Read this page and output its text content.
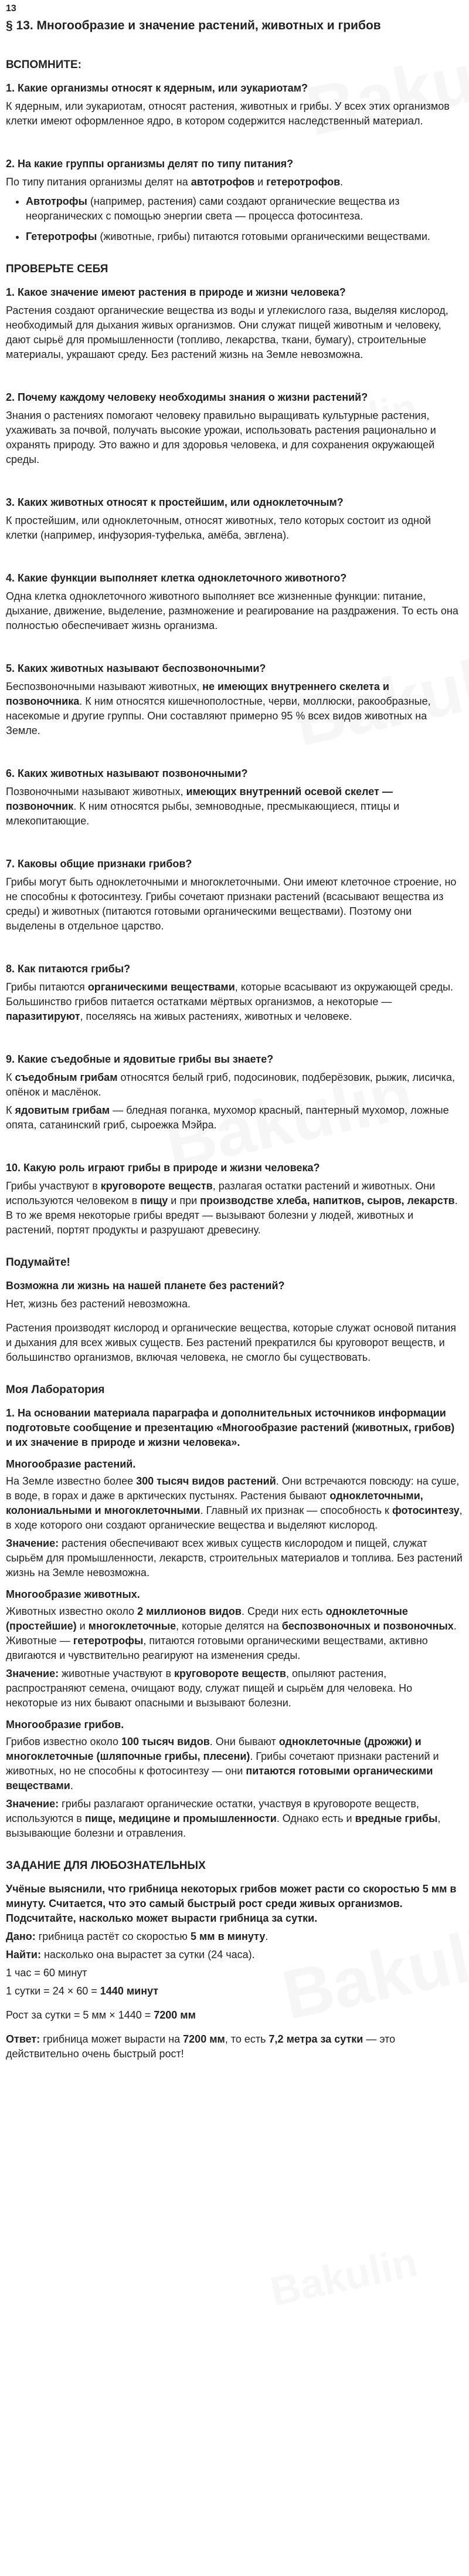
13
§ 13. Многообразие и значение растений, животных и грибов
ВСПОМНИТЕ:
1. Какие организмы относят к ядерным, или эукариотам?
К ядерным, или эукариотам, относят растения, животных и грибы. У всех этих организмов клетки имеют оформленное ядро, в котором содержится наследственный материал.
2. На какие группы организмы делят по типу питания?
По типу питания организмы делят на автотрофов и гетеротрофов.
• Автотрофы (например, растения) сами создают органические вещества из неорганических с помощью энергии света — процесса фотосинтеза.
• Гетеротрофы (животные, грибы) питаются готовыми органическими веществами.
ПРОВЕРЬТЕ СЕБЯ
1. Какое значение имеют растения в природе и жизни человека?
Растения создают органические вещества из воды и углекислого газа, выделяя кислород, необходимый для дыхания живых организмов. Они служат пищей животным и человеку, дают сырьё для промышленности (топливо, лекарства, ткани, бумагу), строительные материалы, украшают среду. Без растений жизнь на Земле невозможна.
2. Почему каждому человеку необходимы знания о жизни растений?
Знания о растениях помогают человеку правильно выращивать культурные растения, ухаживать за почвой, получать высокие урожаи, использовать растения рационально и охранять природу. Это важно и для здоровья человека, и для сохранения окружающей среды.
3. Каких животных относят к простейшим, или одноклеточным?
К простейшим, или одноклеточным, относят животных, тело которых состоит из одной клетки (например, инфузория-туфелька, амёба, эвглена).
4. Какие функции выполняет клетка одноклеточного животного?
Одна клетка одноклеточного животного выполняет все жизненные функции: питание, дыхание, движение, выделение, размножение и реагирование на раздражения. То есть она полностью обеспечивает жизнь организма.
5. Каких животных называют беспозвоночными?
Беспозвоночными называют животных, не имеющих внутреннего скелета и позвоночника. К ним относятся кишечнополостные, черви, моллюски, ракообразные, насекомые и другие группы. Они составляют примерно 95 % всех видов животных на Земле.
6. Каких животных называют позвоночными?
Позвоночными называют животных, имеющих внутренний осевой скелет — позвоночник. К ним относятся рыбы, земноводные, пресмыкающиеся, птицы и млекопитающие.
7. Каковы общие признаки грибов?
Грибы могут быть одноклеточными и многоклеточными. Они имеют клеточное строение, но не способны к фотосинтезу. Грибы сочетают признаки растений (всасывают вещества из среды) и животных (питаются готовыми органическими веществами). Поэтому они выделены в отдельное царство.
8. Как питаются грибы?
Грибы питаются органическими веществами, которые всасывают из окружающей среды. Большинство грибов питается остатками мёртвых организмов, а некоторые — паразитируют, поселяясь на живых растениях, животных и человеке.
9. Какие съедобные и ядовитые грибы вы знаете?
К съедобным грибам относятся белый гриб, подосиновик, подберёзовик, рыжик, лисичка, опёнок и маслёнок.
К ядовитым грибам — бледная поганка, мухомор красный, пантерный мухомор, ложные опята, сатанинский гриб, сыроежка Мэйра.
10. Какую роль играют грибы в природе и жизни человека?
Грибы участвуют в круговороте веществ, разлагая остатки растений и животных. Они используются человеком в пищу и при производстве хлеба, напитков, сыров, лекарств. В то же время некоторые грибы вредят — вызывают болезни у людей, животных и растений, портят продукты и разрушают древесину.
Подумайте!
Возможна ли жизнь на нашей планете без растений?
Нет, жизнь без растений невозможна.
Растения производят кислород и органические вещества, которые служат основой питания и дыхания для всех живых существ. Без растений прекратился бы круговорот веществ, и большинство организмов, включая человека, не смогло бы существовать.
Моя Лаборатория
1. На основании материала параграфа и дополнительных источников информации подготовьте сообщение и презентацию «Многообразие растений (животных, грибов) и их значение в природе и жизни человека».
Многообразие растений.
На Земле известно более 300 тысяч видов растений. Они встречаются повсюду: на суше, в воде, в горах и даже в арктических пустынях. Растения бывают одноклеточными, колониальными и многоклеточными. Главный их признак — способность к фотосинтезу, в ходе которого они создают органические вещества и выделяют кислород.
Значение: растения обеспечивают всех живых существ кислородом и пищей, служат сырьём для промышленности, лекарств, строительных материалов и топлива. Без растений жизнь на Земле невозможна.
Многообразие животных.
Животных известно около 2 миллионов видов. Среди них есть одноклеточные (простейшие) и многоклеточные, которые делятся на беспозвоночных и позвоночных. Животные — гетеротрофы, питаются готовыми органическими веществами, активно двигаются и чувствительно реагируют на изменения среды.
Значение: животные участвуют в круговороте веществ, опыляют растения, распространяют семена, очищают воду, служат пищей и сырьём для человека. Но некоторые из них бывают опасными и вызывают болезни.
Многообразие грибов.
Грибов известно около 100 тысяч видов. Они бывают одноклеточные (дрожжи) и многоклеточные (шляпочные грибы, плесени). Грибы сочетают признаки растений и животных, но не способны к фотосинтезу — они питаются готовыми органическими веществами.
Значение: грибы разлагают органические остатки, участвуя в круговороте веществ, используются в пище, медицине и промышленности. Однако есть и вредные грибы, вызывающие болезни и отравления.
ЗАДАНИЕ ДЛЯ ЛЮБОЗНАТЕЛЬНЫХ
Учёные выяснили, что грибница некоторых грибов может расти со скоростью 5 мм в минуту. Считается, что это самый быстрый рост среди живых организмов. Подсчитайте, насколько может вырасти грибница за сутки.
Дано: грибница растёт со скоростью 5 мм в минуту.
Найти: насколько она вырастет за сутки (24 часа).
1 час = 60 минут
1 сутки = 24 × 60 = 1440 минут
Рост за сутки = 5 мм × 1440 = 7200 мм
Ответ: грибница может вырасти на 7200 мм, то есть 7,2 метра за сутки — это действительно очень быстрый рост!
